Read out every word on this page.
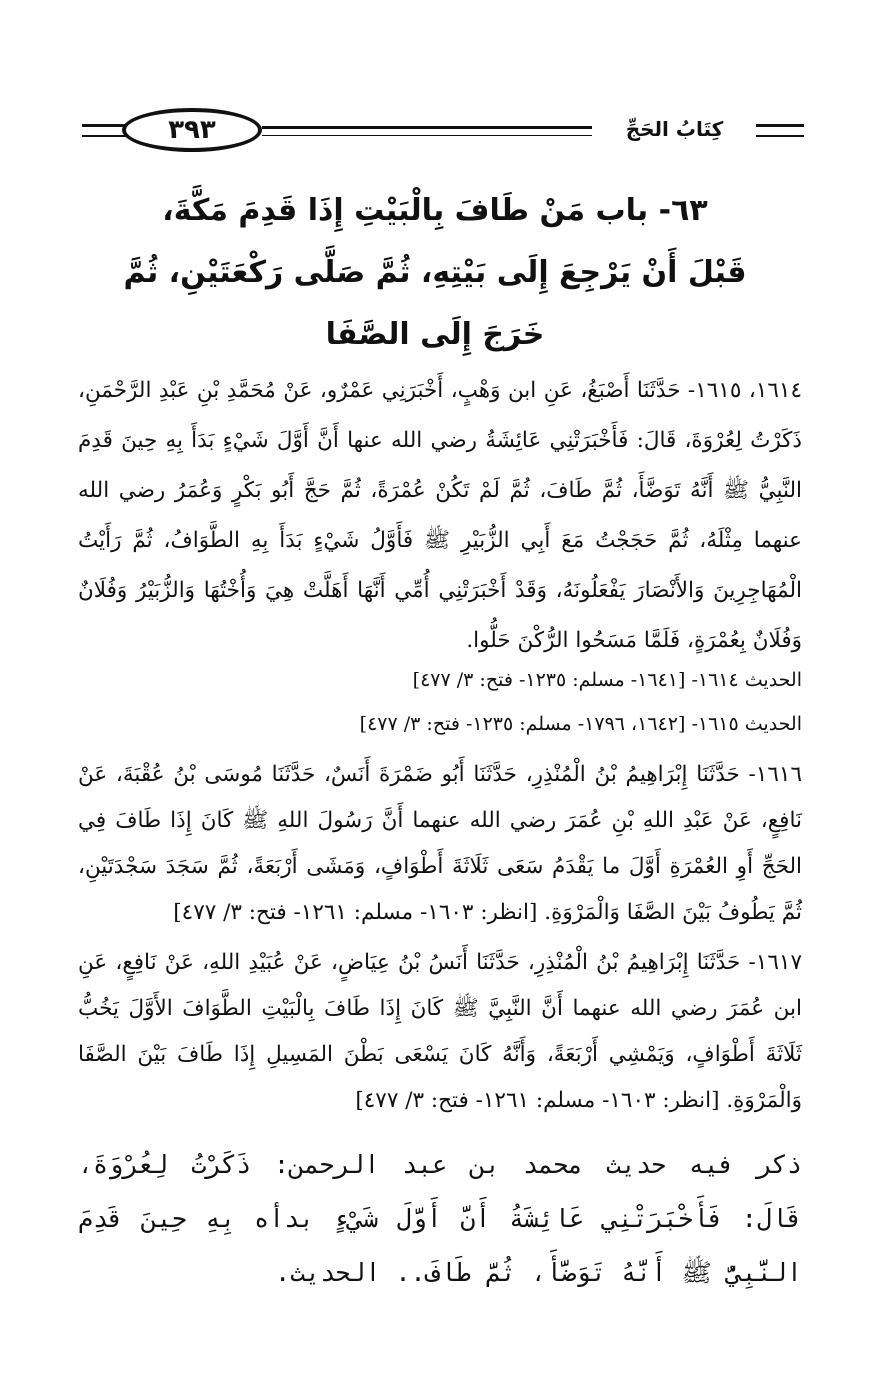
٣٩٣	كِتَابُ الحَجِّ
٦٣- باب مَنْ طَافَ بِالْبَيْتِ إِذَا قَدِمَ مَكَّةَ،
قَبْلَ أَنْ يَرْجِعَ إِلَى بَيْتِهِ، ثُمَّ صَلَّى رَكْعَتَيْنِ، ثُمَّ
خَرَجَ إِلَى الصَّفَا
١٦١٤، ١٦١٥- حَدَّثَنَا أَصْبَغُ، عَنِ ابن وَهْبٍ، أَخْبَرَنِي عَمْرٌو، عَنْ مُحَمَّدِ بْنِ عَبْدِ الرَّحْمَنِ، ذَكَرْتُ لِعُرْوَةَ، قَالَ: فَأَخْبَرَتْنِي عَائِشَةُ رضي الله عنها أَنَّ أَوَّلَ شَيْءٍ بَدَأَ بِهِ حِينَ قَدِمَ النَّبِيُّ ﷺ أَنَّهُ تَوَضَّأَ، ثُمَّ طَافَ، ثُمَّ لَمْ تَكُنْ عُمْرَةً، ثُمَّ حَجَّ أَبُو بَكْرٍ وَعُمَرُ رضي الله عنهما مِثْلَهُ، ثُمَّ حَجَجْتُ مَعَ أَبِي الزُّبَيْرِ ﷺ فَأَوَّلُ شَيْءٍ بَدَأَ بِهِ الطَّوَافُ، ثُمَّ رَأَيْتُ الْمُهَاجِرِينَ وَالأَنْصَارَ يَفْعَلُونَهُ، وَقَدْ أَخْبَرَتْنِي أُمِّي أَنَّهَا أَهَلَّتْ هِيَ وَأُخْتُهَا وَالزُّبَيْرُ وَفُلَانٌ وَفُلَانٌ بِعُمْرَةٍ، فَلَمَّا مَسَحُوا الرُّكْنَ حَلُّوا.
الحديث ١٦١٤- [١٦٤١- مسلم: ١٢٣٥- فتح: ٣/ ٤٧٧]
الحديث ١٦١٥- [١٦٤٢، ١٧٩٦- مسلم: ١٢٣٥- فتح: ٣/ ٤٧٧]
١٦١٦- حَدَّثَنَا إِبْرَاهِيمُ بْنُ الْمُنْذِرِ، حَدَّثَنَا أَبُو ضَمْرَةَ أَنَسٌ، حَدَّثَنَا مُوسَى بْنُ عُقْبَةَ، عَنْ نَافِعٍ، عَنْ عَبْدِ اللهِ بْنِ عُمَرَ رضي الله عنهما أَنَّ رَسُولَ اللهِ ﷺ كَانَ إِذَا طَافَ فِي الحَجِّ أَوِ العُمْرَةِ أَوَّلَ ما يَقْدَمُ سَعَى ثَلَاثَةَ أَطْوَافٍ، وَمَشَى أَرْبَعَةً، ثُمَّ سَجَدَ سَجْدَتَيْنِ، ثُمَّ يَطُوفُ بَيْنَ الصَّفَا وَالْمَرْوَةِ. [انظر: ١٦٠٣- مسلم: ١٢٦١- فتح: ٣/ ٤٧٧]
١٦١٧- حَدَّثَنَا إِبْرَاهِيمُ بْنُ الْمُنْذِرِ، حَدَّثَنَا أَنَسُ بْنُ عِيَاضٍ، عَنْ عُبَيْدِ اللهِ، عَنْ نَافِعٍ، عَنِ ابن عُمَرَ رضي الله عنهما أَنَّ النَّبِيَّ ﷺ كَانَ إِذَا طَافَ بِالْبَيْتِ الطَّوَافَ الأَوَّلَ يَخُبُّ ثَلَاثَةَ أَطْوَافٍ، وَيَمْشِي أَرْبَعَةً، وَأَنَّهُ كَانَ يَسْعَى بَطْنَ المَسِيلِ إِذَا طَافَ بَيْنَ الصَّفَا وَالْمَرْوَةِ. [انظر: ١٦٠٣- مسلم: ١٢٦١- فتح: ٣/ ٤٧٧]
ذكر فيه حديث محمد بن عبد الرحمن: ذَكَرْتُ لِعُرْوَةَ، قَالَ: فَأَخْبَرَتْنِي عَائِشَةُ أَنَّ أَوَّلَ شَيْءٍ بدأه بِهِ حِينَ قَدِمَ النَّبِيُّ ﷺ أَنَّهُ تَوَضَّأَ، ثُمَّ طَافَ.. الحديث.
